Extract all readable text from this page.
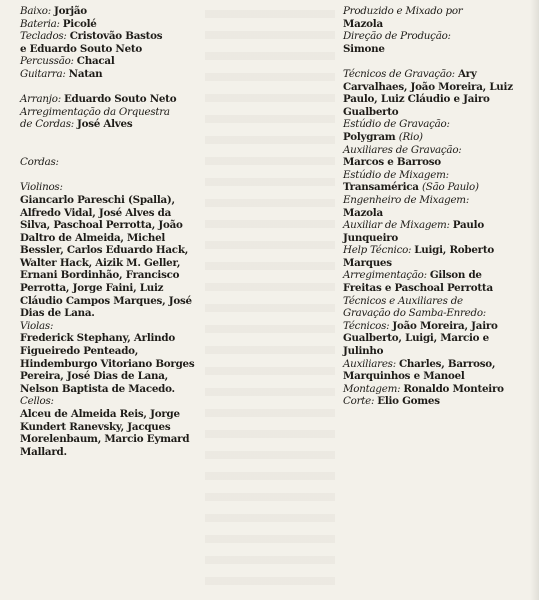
Baixo: Jorjão
Bateria: Picolé
Teclados: Cristovão Bastos
e Eduardo Souto Neto
Percussão: Chacal
Guitarra: Natan
Arranjo: Eduardo Souto Neto
Arregimentação da Orquestra
de Cordas: José Alves
Cordas:
Violinos:
Giancarlo Pareschi (Spalla),
Alfredo Vidal, José Alves da
Silva, Paschoal Perrotta, João
Daltro de Almeida, Michel
Bessler, Carlos Eduardo Hack,
Walter Hack, Aizik M. Geller,
Ernani Bordinhão, Francisco
Perrotta, Jorge Faini, Luiz
Cláudio Campos Marques, José
Dias de Lana.
Violas:
Frederick Stephany, Arlindo
Figueiredo Penteado,
Hindemburgo Vitoriano Borges
Pereira, José Dias de Lana,
Nelson Baptista de Macedo.
Cellos:
Alceu de Almeida Reis, Jorge
Kundert Ranevsky, Jacques
Morelenbaum, Marcio Eymard
Mallard.
Produzido e Mixado por
Mazola
Direção de Produção:
Simone
Técnicos de Gravação: Ary
Carvalhaes, João Moreira, Luiz
Paulo, Luiz Cláudio e Jairo
Gualberto
Estúdio de Gravação:
Polygram (Rio)
Auxiliares de Gravação:
Marcos e Barroso
Estúdio de Mixagem:
Transamérica (São Paulo)
Engenheiro de Mixagem:
Mazola
Auxiliar de Mixagem: Paulo
Junqueiro
Help Técnico: Luigi, Roberto
Marques
Arregimentação: Gilson de
Freitas e Paschoal Perrotta
Técnicos e Auxiliares de
Gravação do Samba-Enredo:
Técnicos: João Moreira, Jairo
Gualberto, Luigi, Marcio e
Julinho
Auxiliares: Charles, Barroso,
Marquinhos e Manoel
Montagem: Ronaldo Monteiro
Corte: Elio Gomes
